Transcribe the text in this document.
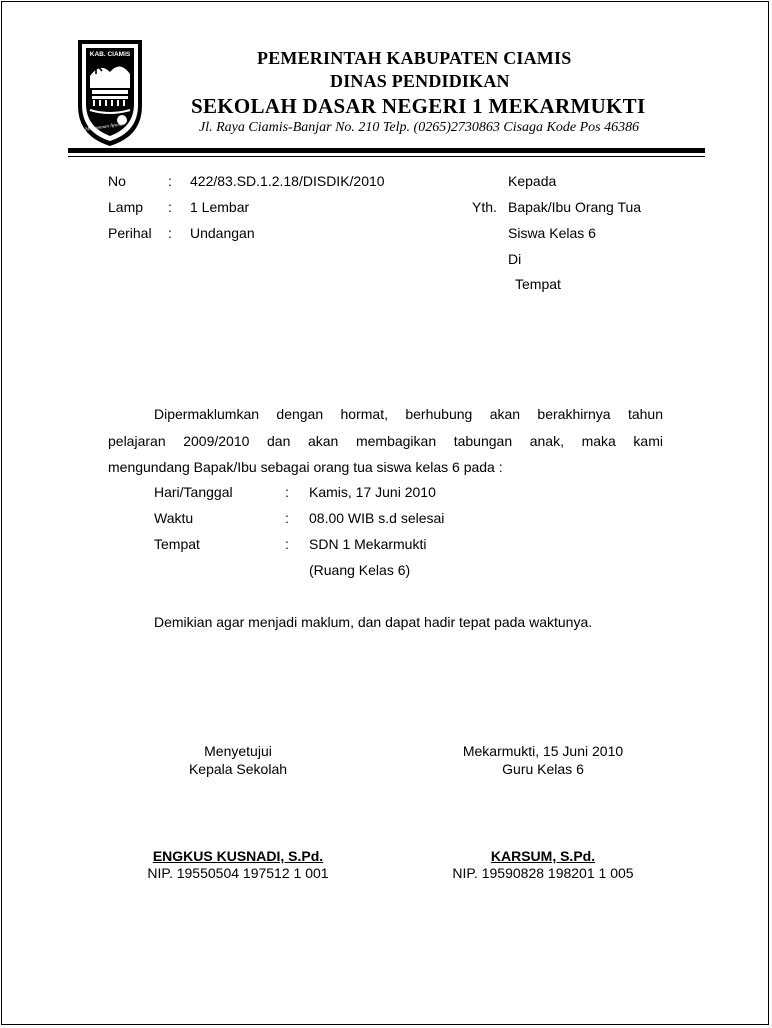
KAB. CIAMIS
Mahayunan Ayuna
PEMERINTAH KABUPATEN CIAMIS
DINAS PENDIDIKAN
SEKOLAH DASAR NEGERI 1 MEKARMUKTI
Jl. Raya Ciamis-Banjar No. 210 Telp. (0265)2730863 Cisaga Kode Pos 46386
No	: 422/83.SD.1.2.18/DISDIK/2010
Lamp : 1 Lembar
Perihal : Undangan
Kepada
Yth. Bapak/Ibu Orang Tua
Siswa Kelas 6
Di
Tempat
Dipermaklumkan dengan hormat, berhubung akan berakhirnya tahun
pelajaran 2009/2010 dan akan membagikan tabungan anak, maka kami
mengundang Bapak/Ibu sebagai orang tua siswa kelas 6 pada :
Hari/Tanggal	: Kamis, 17 Juni 2010
Waktu	: 08.00 WIB s.d selesai
Tempat	: SDN 1 Mekarmukti
(Ruang Kelas 6)
Demikian agar menjadi maklum, dan dapat hadir tepat pada waktunya.
Menyetujui
Kepala Sekolah
ENGKUS KUSNADI, S.Pd.
NIP. 19550504 197512 1 001
Mekarmukti, 15 Juni 2010
Guru Kelas 6
KARSUM, S.Pd.
NIP. 19590828 198201 1 005
